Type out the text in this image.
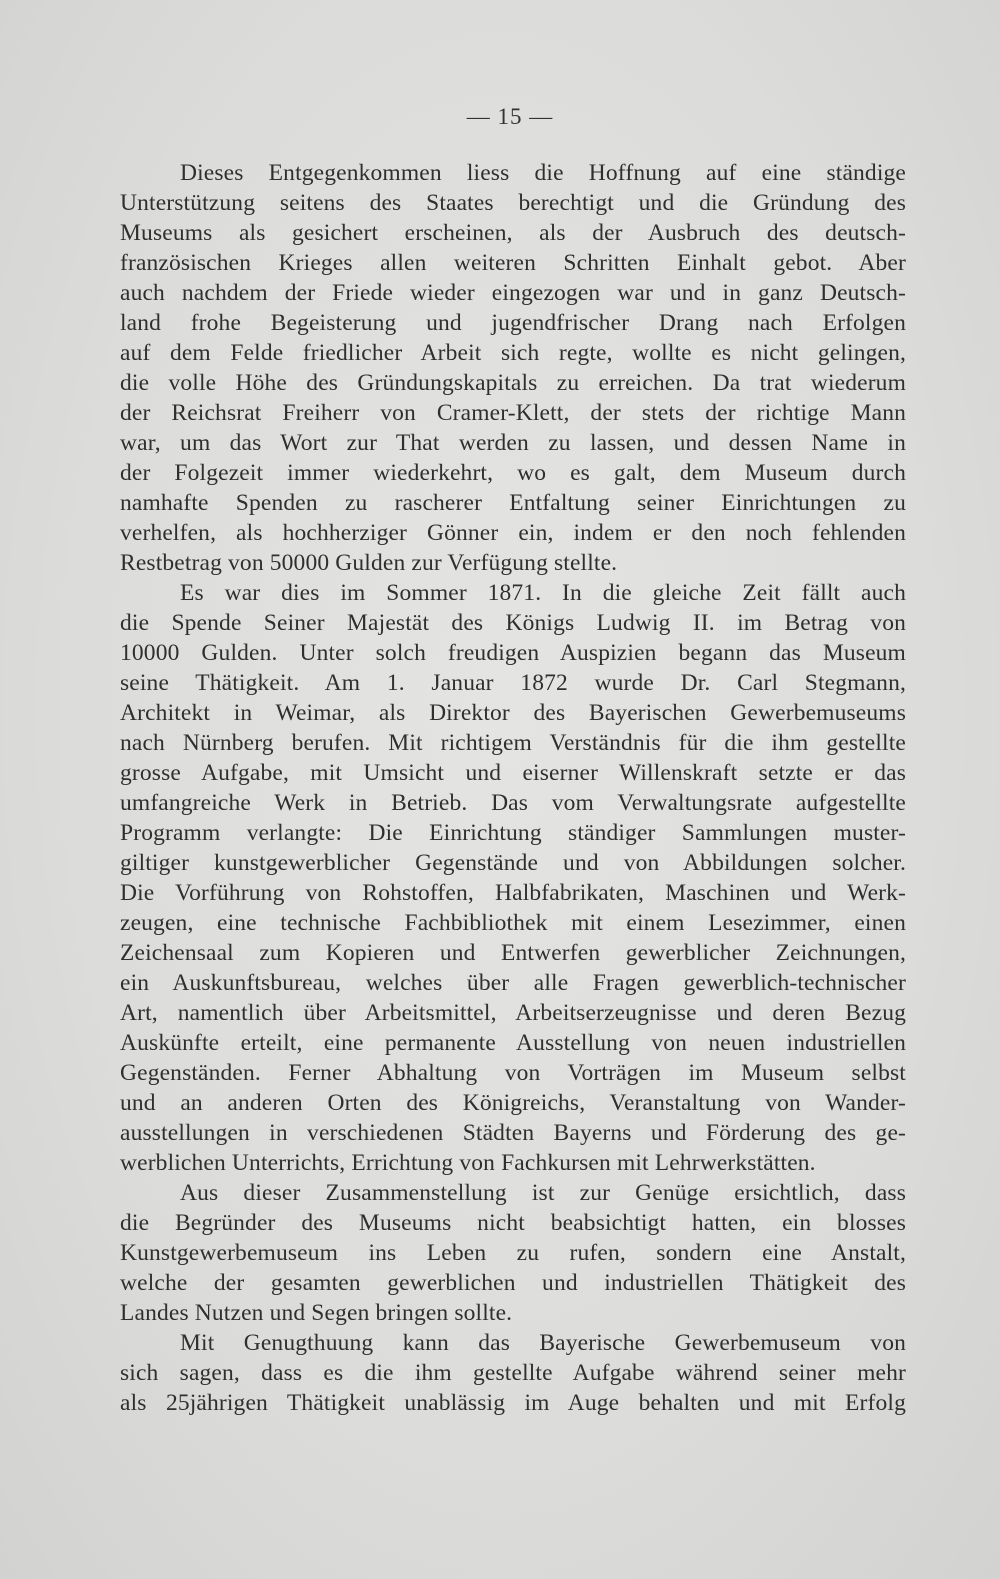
— 15 —
Dieses Entgegenkommen liess die Hoffnung auf eine ständige
Unterstützung seitens des Staates berechtigt und die Gründung des
Museums als gesichert erscheinen, als der Ausbruch des deutsch-
französischen Krieges allen weiteren Schritten Einhalt gebot. Aber
auch nachdem der Friede wieder eingezogen war und in ganz Deutsch-
land frohe Begeisterung und jugendfrischer Drang nach Erfolgen
auf dem Felde friedlicher Arbeit sich regte, wollte es nicht gelingen,
die volle Höhe des Gründungskapitals zu erreichen. Da trat wiederum
der Reichsrat Freiherr von Cramer-Klett, der stets der richtige Mann
war, um das Wort zur That werden zu lassen, und dessen Name in
der Folgezeit immer wiederkehrt, wo es galt, dem Museum durch
namhafte Spenden zu rascherer Entfaltung seiner Einrichtungen zu
verhelfen, als hochherziger Gönner ein, indem er den noch fehlenden
Restbetrag von 50000 Gulden zur Verfügung stellte.
Es war dies im Sommer 1871. In die gleiche Zeit fällt auch
die Spende Seiner Majestät des Königs Ludwig II. im Betrag von
10000 Gulden. Unter solch freudigen Auspizien begann das Museum
seine Thätigkeit. Am 1. Januar 1872 wurde Dr. Carl Stegmann,
Architekt in Weimar, als Direktor des Bayerischen Gewerbemuseums
nach Nürnberg berufen. Mit richtigem Verständnis für die ihm gestellte
grosse Aufgabe, mit Umsicht und eiserner Willenskraft setzte er das
umfangreiche Werk in Betrieb. Das vom Verwaltungsrate aufgestellte
Programm verlangte: Die Einrichtung ständiger Sammlungen muster-
giltiger kunstgewerblicher Gegenstände und von Abbildungen solcher.
Die Vorführung von Rohstoffen, Halbfabrikaten, Maschinen und Werk-
zeugen, eine technische Fachbibliothek mit einem Lesezimmer, einen
Zeichensaal zum Kopieren und Entwerfen gewerblicher Zeichnungen,
ein Auskunftsbureau, welches über alle Fragen gewerblich-technischer
Art, namentlich über Arbeitsmittel, Arbeitserzeugnisse und deren Bezug
Auskünfte erteilt, eine permanente Ausstellung von neuen industriellen
Gegenständen. Ferner Abhaltung von Vorträgen im Museum selbst
und an anderen Orten des Königreichs, Veranstaltung von Wander-
ausstellungen in verschiedenen Städten Bayerns und Förderung des ge-
werblichen Unterrichts, Errichtung von Fachkursen mit Lehrwerkstätten.
Aus dieser Zusammenstellung ist zur Genüge ersichtlich, dass
die Begründer des Museums nicht beabsichtigt hatten, ein blosses
Kunstgewerbemuseum ins Leben zu rufen, sondern eine Anstalt,
welche der gesamten gewerblichen und industriellen Thätigkeit des
Landes Nutzen und Segen bringen sollte.
Mit Genugthuung kann das Bayerische Gewerbemuseum von
sich sagen, dass es die ihm gestellte Aufgabe während seiner mehr
als 25jährigen Thätigkeit unablässig im Auge behalten und mit Erfolg
